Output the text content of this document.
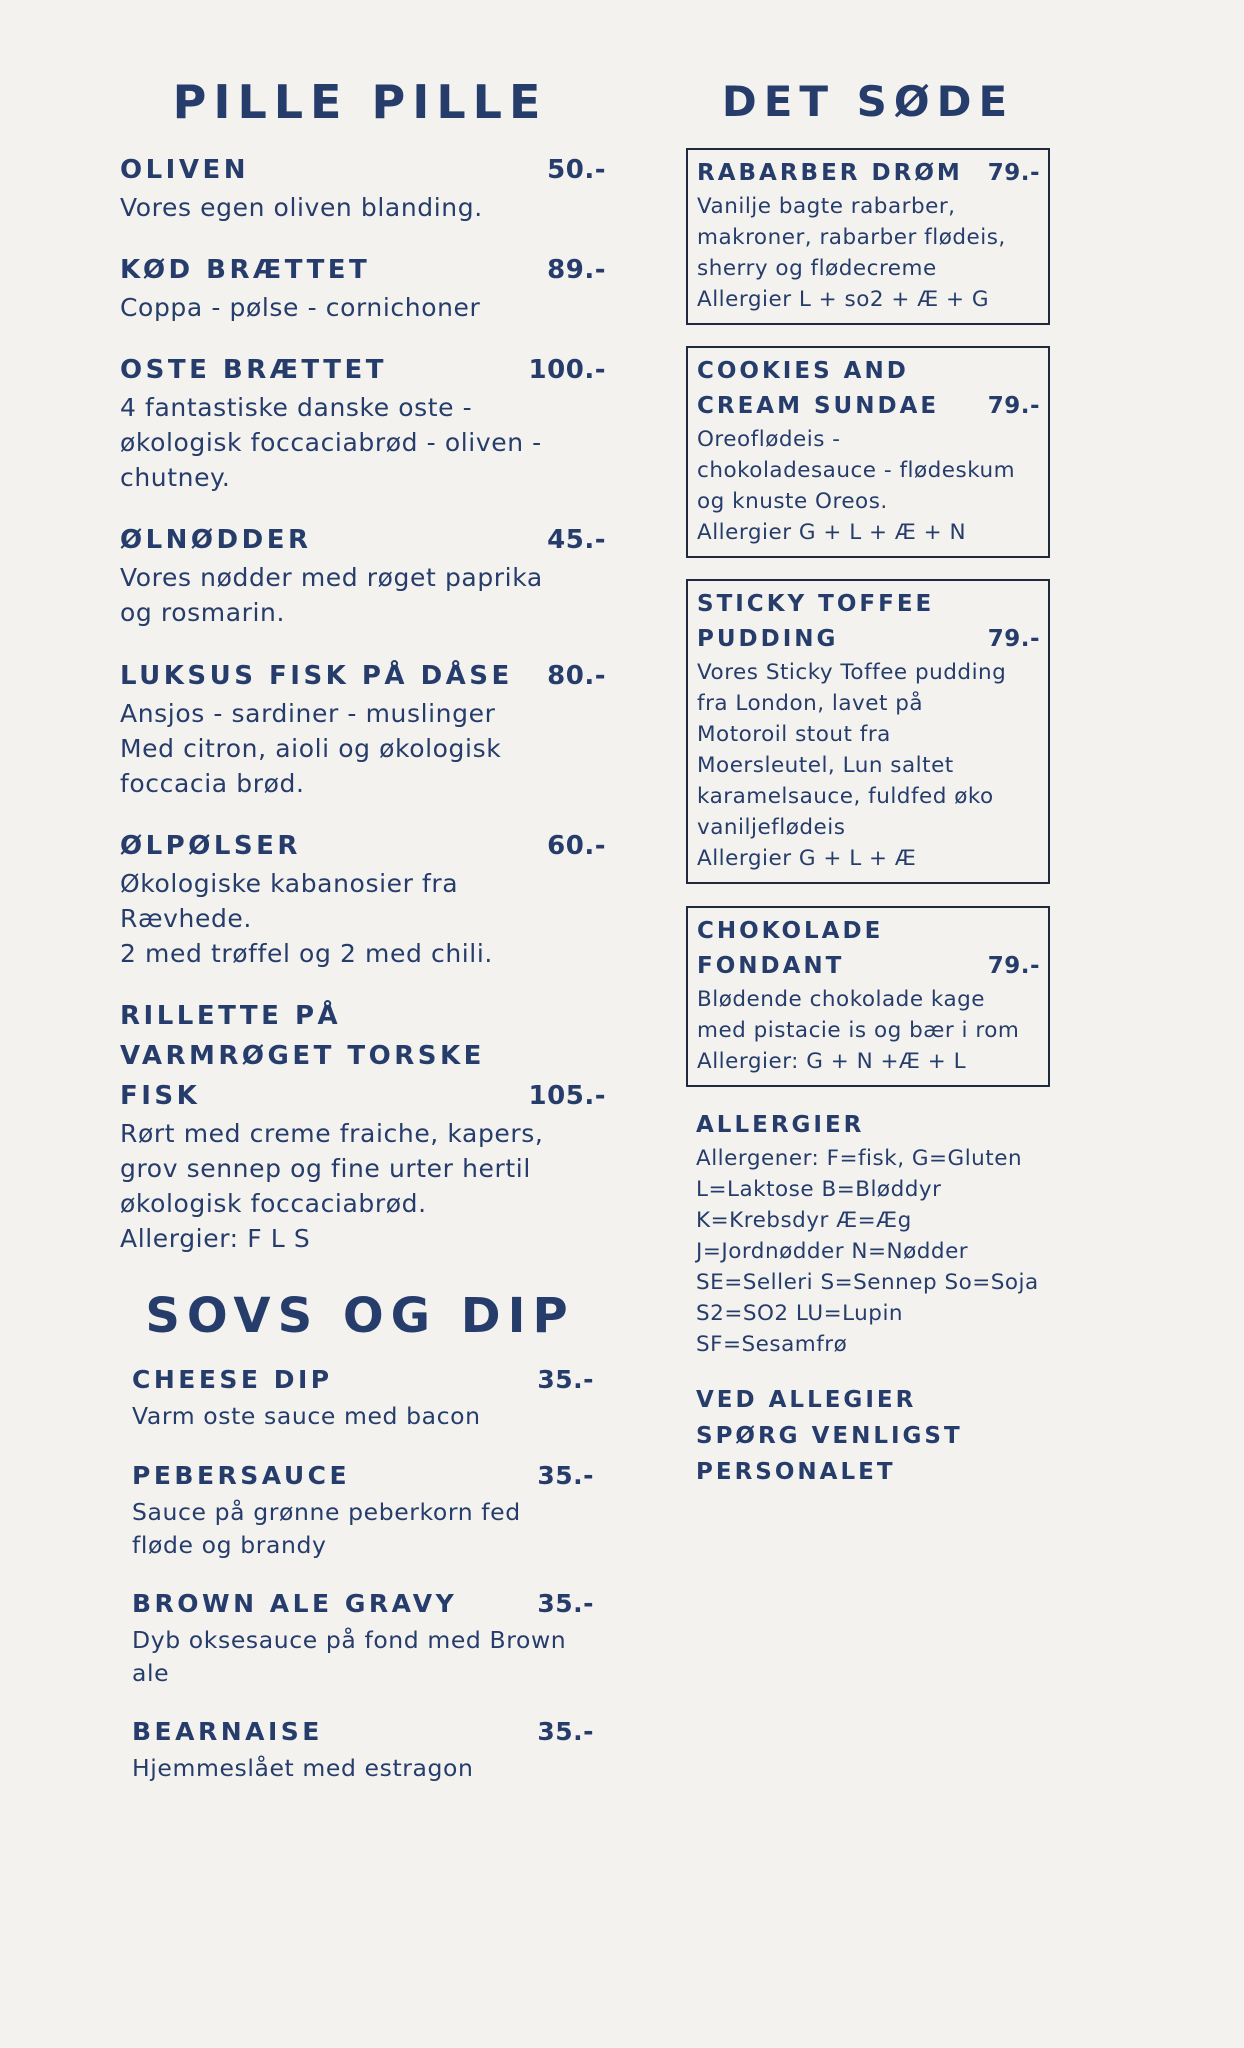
PILLE PILLE
OLIVEN	50.-
Vores egen oliven blanding.
KØD BRÆTTET	89.-
Coppa - pølse - cornichoner
OSTE BRÆTTET	100.-
4 fantastiske danske oste -
økologisk foccaciabrød - oliven -
chutney.
ØLNØDDER	45.-
Vores nødder med røget paprika
og rosmarin.
LUKSUS FISK PÅ DÅSE 80.-
Ansjos - sardiner - muslinger
Med citron, aioli og økologisk
foccacia brød.
ØLPØLSER	60.-
Økologiske kabanosier fra
Rævhede.
2 med trøffel og 2 med chili.
RILLETTE PÅ
VARMRØGET TORSKE
FISK	105.-
Rørt med creme fraiche, kapers,
grov sennep og fine urter hertil
økologisk foccaciabrød.
Allergier: F L S
SOVS OG DIP
CHEESE DIP	35.-
Varm oste sauce med bacon
PEBERSAUCE	35.-
Sauce på grønne peberkorn fed
fløde og brandy
BROWN ALE GRAVY	35.-
Dyb oksesauce på fond med Brown
ale
BEARNAISE	35.-
Hjemmeslået med estragon
DET SØDE
RABARBER DRØM 79.-
Vanilje bagte rabarber,
makroner, rabarber flødeis,
sherry og flødecreme
Allergier L + so2 + Æ + G
COOKIES AND
CREAM SUNDAE 79.-
Oreoflødeis -
chokoladesauce - flødeskum
og knuste Oreos.
Allergier G + L + Æ + N
STICKY TOFFEE
PUDDING	79.-
Vores Sticky Toffee pudding
fra London, lavet på
Motoroil stout fra
Moersleutel, Lun saltet
karamelsauce, fuldfed øko
vaniljeflødeis
Allergier G + L + Æ
CHOKOLADE
FONDANT	79.-
Blødende chokolade kage
med pistacie is og bær i rom
Allergier: G + N +Æ + L
ALLERGIER
Allergener: F=fisk, G=Gluten
L=Laktose B=Bløddyr
K=Krebsdyr Æ=Æg
J=Jordnødder N=Nødder
SE=Selleri S=Sennep So=Soja
S2=SO2 LU=Lupin
SF=Sesamfrø
VED ALLEGIER
SPØRG VENLIGST
PERSONALET
